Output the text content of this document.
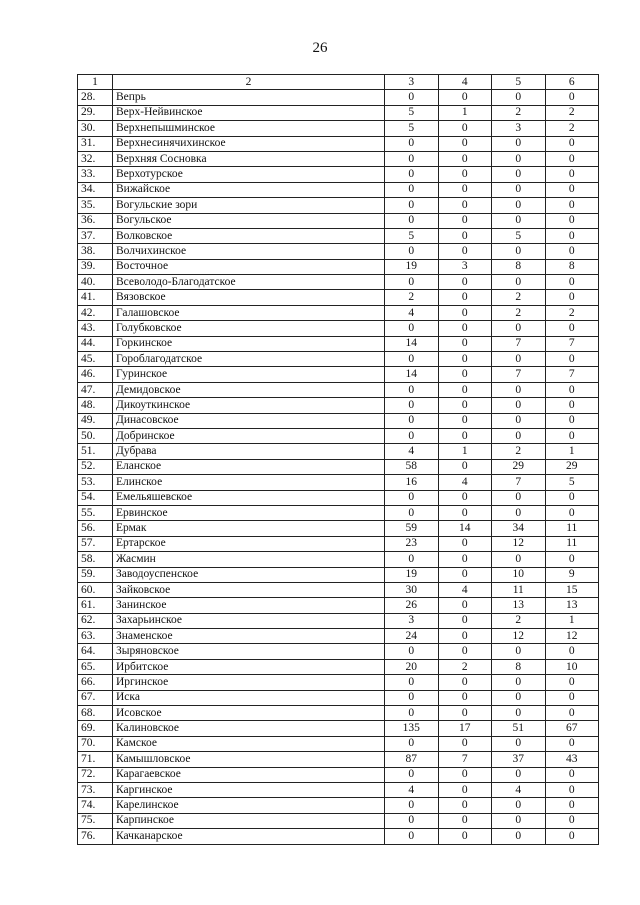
26
1	2	3	4	5	6
28.	Вепрь	0	0	0	0
29.	Верх-Нейвинское	5	1	2	2
30.	Верхнепышминское	5	0	3	2
31.	Верхнесинячихинское	0	0	0	0
32.	Верхняя Сосновка	0	0	0	0
33.	Верхотурское	0	0	0	0
34.	Вижайское	0	0	0	0
35.	Вогульские зори	0	0	0	0
36.	Вогульское	0	0	0	0
37.	Волковское	5	0	5	0
38.	Волчихинское	0	0	0	0
39.	Восточное	19	3	8	8
40.	Всеволодо-Благодатское	0	0	0	0
41.	Вязовское	2	0	2	0
42.	Галашовское	4	0	2	2
43.	Голубковское	0	0	0	0
44.	Горкинское	14	0	7	7
45.	Гороблагодатское	0	0	0	0
46.	Гуринское	14	0	7	7
47.	Демидовское	0	0	0	0
48.	Дикоуткинское	0	0	0	0
49.	Динасовское	0	0	0	0
50.	Добринское	0	0	0	0
51.	Дубрава	4	1	2	1
52.	Еланское	58	0	29	29
53.	Елинское	16	4	7	5
54.	Емельяшевское	0	0	0	0
55.	Ервинское	0	0	0	0
56.	Ермак	59	14	34	11
57.	Ертарское	23	0	12	11
58.	Жасмин	0	0	0	0
59.	Заводоуспенское	19	0	10	9
60.	Зайковское	30	4	11	15
61.	Занинское	26	0	13	13
62.	Захарьинское	3	0	2	1
63.	Знаменское	24	0	12	12
64.	Зыряновское	0	0	0	0
65.	Ирбитское	20	2	8	10
66.	Иргинское	0	0	0	0
67.	Иска	0	0	0	0
68.	Исовское	0	0	0	0
69.	Калиновское	135	17	51	67
70.	Камское	0	0	0	0
71.	Камышловское	87	7	37	43
72.	Карагаевское	0	0	0	0
73.	Каргинское	4	0	4	0
74.	Карелинское	0	0	0	0
75.	Карпинское	0	0	0	0
76.	Качканарское	0	0	0	0
